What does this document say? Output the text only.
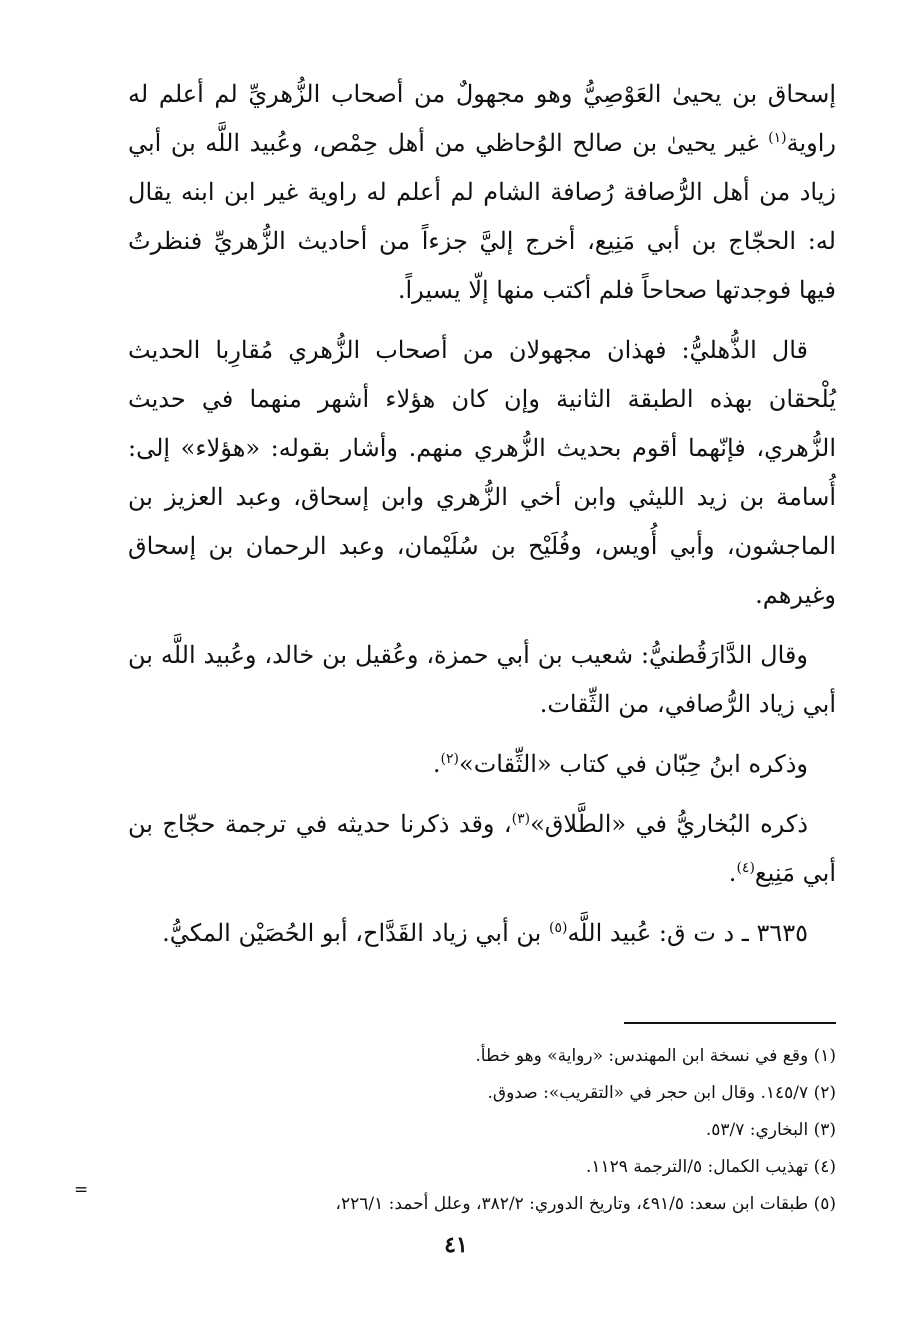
إسحاق بن يحيىٰ العَوْصِيُّ وهو مجهولٌ من أصحاب الزُّهريِّ لم أعلم له راوية$^{(١)}$ غير يحيىٰ بن صالح الوُحاظي من أهل حِمْص، وعُبيد اللَّه بن أبي زياد من أهل الرُّصافة رُصافة الشام لم أعلم له راوية غير ابن ابنه يقال له: الحجّاج بن أبي مَنِيع، أخرج إليَّ جزءاً من أحاديث الزُّهريِّ فنظرتُ فيها فوجدتها صحاحاً فلم أكتب منها إلّا يسيراً.

قال الذُّهليُّ: فهذان مجهولان من أصحاب الزُّهري مُقارِبا الحديث يُلْحقان بهذه الطبقة الثانية وإن كان هؤلاء أشهر منهما في حديث الزُّهري، فإنّهما أقوم بحديث الزُّهري منهم. وأشار بقوله: «هؤلاء» إلى: أُسامة بن زيد الليثي وابن أخي الزُّهري وابن إسحاق، وعبد العزيز بن الماجشون، وأبي أُويس، وفُلَيْح بن سُلَيْمان، وعبد الرحمان بن إسحاق وغيرهم.

وقال الدَّارَقُطنيُّ: شعيب بن أبي حمزة، وعُقيل بن خالد، وعُبيد اللَّه بن أبي زياد الرُّصافي، من الثِّقات.

وذكره ابنُ حِبّان في كتاب «الثِّقات»$^{(٢)}$.

ذكره البُخاريُّ في «الطَّلاق»$^{(٣)}$، وقد ذكرنا حديثه في ترجمة حجّاج بن أبي مَنِيع$^{(٤)}$.

٣٦٣٥ ـ د ت ق: عُبيد اللَّه$^{(٥)}$ بن أبي زياد القَدَّاح، أبو الحُصَيْن المكيُّ.

(١) وقع في نسخة ابن المهندس: «رواية» وهو خطأ.
(٢) ١٤٥/٧. وقال ابن حجر في «التقريب»: صدوق.
(٣) البخاري: ٥٣/٧.
(٤) تهذيب الكمال: ٥/الترجمة ١١٢٩.
(٥) طبقات ابن سعد: ٤٩١/٥، وتاريخ الدوري: ٣٨٢/٢، وعلل أحمد: ٢٢٦/١،
=
٤١
